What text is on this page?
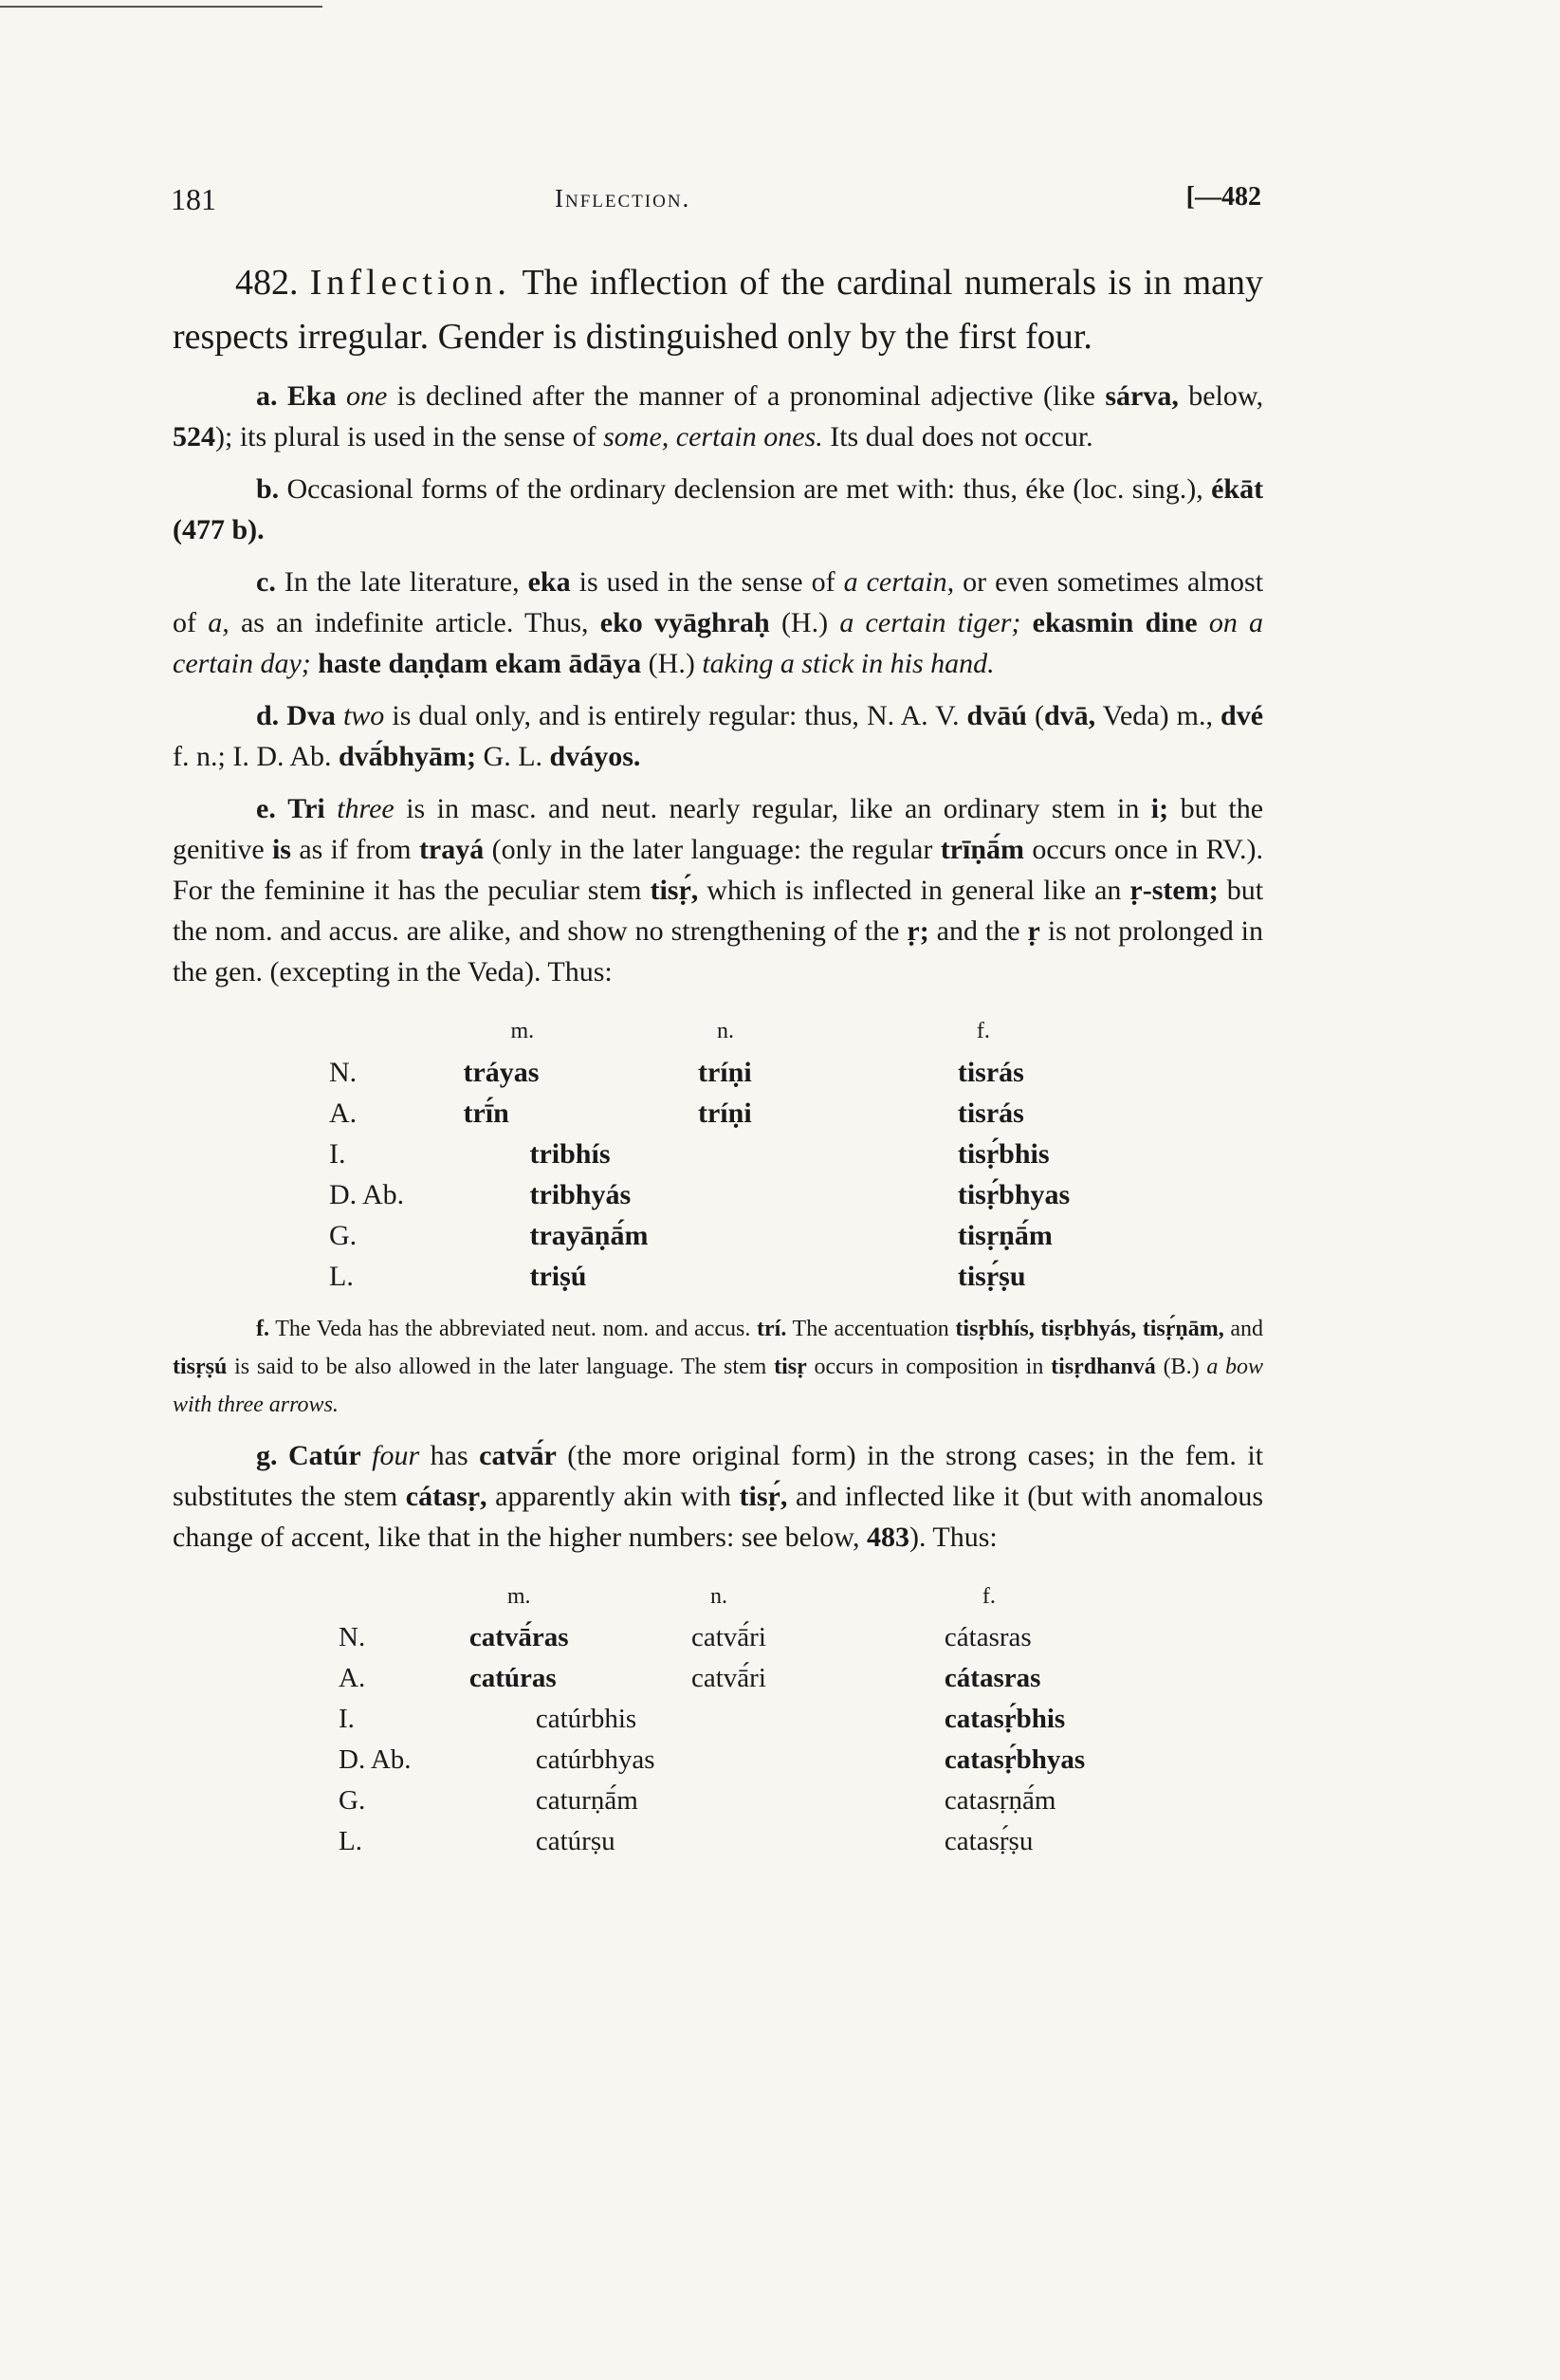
181	Inflection.	[—482

482. Inflection. The inflection of the cardinal numerals is in many respects irregular. Gender is distinguished only by the first four.

a. Eka one is declined after the manner of a pronominal adjective (like sárva, below, 524); its plural is used in the sense of some, certain ones. Its dual does not occur.

b. Occasional forms of the ordinary declension are met with: thus, éke (loc. sing.), ékāt (477 b).

c. In the late literature, eka is used in the sense of a certain, or even sometimes almost of a, as an indefinite article. Thus, eko vyāghraḥ (H.) a certain tiger; ekasmin dine on a certain day; haste daṇḍam ekam ādāya (H.) taking a stick in his hand.

d. Dva two is dual only, and is entirely regular: thus, N. A. V. dvāú (dvā, Veda) m., dvé f. n.; I. D. Ab. dvā́bhyām; G. L. dváyos.

e. Tri three is in masc. and neut. nearly regular, like an ordinary stem in i; but the genitive is as if from trayá (only in the later language: the regular trīṇā́m occurs once in RV.). For the feminine it has the peculiar stem tisṛ́, which is inflected in general like an ṛ-stem; but the nom. and accus. are alike, and show no strengthening of the ṛ; and the ṛ is not prolonged in the gen. (excepting in the Veda). Thus:

	m.	n.	f.
N.	tráyas	tríṇi	tisrás
A.	trī́n	tríṇi	tisrás
I.	tribhís		tisṛ́bhis
D. Ab.	tribhyás		tisṛ́bhyas
G.	trayāṇā́m		tisṛṇā́m
L.	triṣú		tisṛ́ṣu

f. The Veda has the abbreviated neut. nom. and accus. trí. The accentuation tisṛbhís, tisṛbhyás, tisṛ́ṇām, and tisṛṣú is said to be also allowed in the later language. The stem tisṛ occurs in composition in tisṛdhanvá (B.) a bow with three arrows.

g. Catúr four has catvā́r (the more original form) in the strong cases; in the fem. it substitutes the stem cátasṛ, apparently akin with tisṛ́, and inflected like it (but with anomalous change of accent, like that in the higher numbers: see below, 483). Thus:

	m.	n.	f.
N.	catvā́ras	catvā́ri	cátasras
A.	catúras	catvā́ri	cátasras
I.	catúrbhis		catasṛ́bhis
D. Ab.	catúrbhyas		catasṛ́bhyas
G.	caturṇā́m		catasṛṇā́m
L.	catúrṣu		catasṛ́ṣu
